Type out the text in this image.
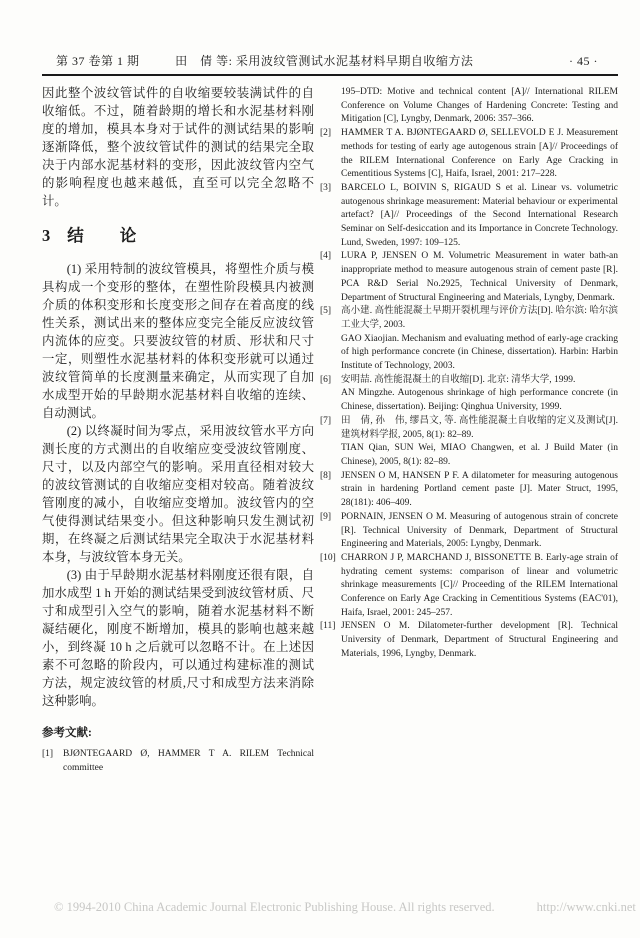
第 37 卷第 1 期	田　倩 等: 采用波纹管测试水泥基材料早期自收缩方法	· 45 ·

因此整个波纹管试件的自收缩要较装满试件的自收缩低。不过，随着龄期的增长和水泥基材料刚度的增加，模具本身对于试件的测试结果的影响逐渐降低，整个波纹管试件的测试的结果完全取决于内部水泥基材料的变形，因此波纹管内空气的影响程度也越来越低，直至可以完全忽略不计。

3 结　　论

(1) 采用特制的波纹管模具，将塑性介质与模具构成一个变形的整体，在塑性阶段模具内被测介质的体积变形和长度变形之间存在着高度的线性关系，测试出来的整体应变完全能反应波纹管内流体的应变。只要波纹管的材质、形状和尺寸一定，则塑性水泥基材料的体积变形就可以通过波纹管简单的长度测量来确定，从而实现了自加水成型开始的早龄期水泥基材料自收缩的连续、自动测试。

(2) 以终凝时间为零点，采用波纹管水平方向测长度的方式测出的自收缩应变受波纹管刚度、尺寸，以及内部空气的影响。采用直径相对较大的波纹管测试的自收缩应变相对较高。随着波纹管刚度的减小，自收缩应变增加。波纹管内的空气使得测试结果变小。但这种影响只发生测试初期，在终凝之后测试结果完全取决于水泥基材料本身，与波纹管本身无关。

(3) 由于早龄期水泥基材料刚度还很有限，自加水成型 1 h 开始的测试结果受到波纹管材质、尺寸和成型引入空气的影响，随着水泥基材料不断凝结硬化，刚度不断增加，模具的影响也越来越小，到终凝 10 h 之后就可以忽略不计。在上述因素不可忽略的阶段内，可以通过构建标准的测试方法，规定波纹管的材质,尺寸和成型方法来消除这种影响。

参考文献:
[1] BJØNTEGAARD Ø, HAMMER T A. RILEM Technical committee
195–DTD: Motive and technical content [A]// International RILEM Conference on Volume Changes of Hardening Concrete: Testing and Mitigation [C], Lyngby, Denmark, 2006: 357–366.
[2] HAMMER T A. BJØNTEGAARD Ø, SELLEVOLD E J. Measurement methods for testing of early age autogenous strain [A]// Proceedings of the RILEM International Conference on Early Age Cracking in Cementitious Systems [C], Haifa, Israel, 2001: 217–228.
[3] BARCELO L, BOIVIN S, RIGAUD S et al. Linear vs. volumetric autogenous shrinkage measurement: Material behaviour or experimental artefact? [A]// Proceedings of the Second International Research Seminar on Self-desiccation and its Importance in Concrete Technology. Lund, Sweden, 1997: 109–125.
[4] LURA P, JENSEN O M. Volumetric Measurement in water bath-an inappropriate method to measure autogenous strain of cement paste [R]. PCA R&D Serial No.2925, Technical University of Denmark, Department of Structural Engineering and Materials, Lyngby, Denmark.
[5] 高小建. 高性能混凝土早期开裂机理与评价方法[D]. 哈尔滨: 哈尔滨工业大学, 2003.
GAO Xiaojian. Mechanism and evaluating method of early-age cracking of high performance concrete (in Chinese, dissertation). Harbin: Harbin Institute of Technology, 2003.
[6] 安明喆. 高性能混凝土的自收缩[D]. 北京: 清华大学, 1999.
AN Mingzhe. Autogenous shrinkage of high performance concrete (in Chinese, dissertation). Beijing: Qinghua University, 1999.
[7] 田　倩, 孙　伟, 缪昌文, 等. 高性能混凝土自收缩的定义及测试[J]. 建筑材料学报, 2005, 8(1): 82–89.
TIAN Qian, SUN Wei, MIAO Changwen, et al. J Build Mater (in Chinese), 2005, 8(1): 82–89.
[8] JENSEN O M, HANSEN P F. A dilatometer for measuring autogenous strain in hardening Portland cement paste [J]. Mater Struct, 1995, 28(181): 406–409.
[9] PORNAIN, JENSEN O M. Measuring of autogenous strain of concrete [R]. Technical University of Denmark, Department of Structural Engineering and Materials, 2005: Lyngby, Denmark.
[10] CHARRON J P, MARCHAND J, BISSONETTE B. Early-age strain of hydrating cement systems: comparison of linear and volumetric shrinkage measurements [C]// Proceeding of the RILEM International Conference on Early Age Cracking in Cementitious Systems (EAC'01), Haifa, Israel, 2001: 245–257.
[11] JENSEN O M. Dilatometer-further development [R]. Technical University of Denmark, Department of Structural Engineering and Materials, 1996, Lyngby, Denmark.
© 1994-2010 China Academic Journal Electronic Publishing House. All rights reserved.	http://www.cnki.net
